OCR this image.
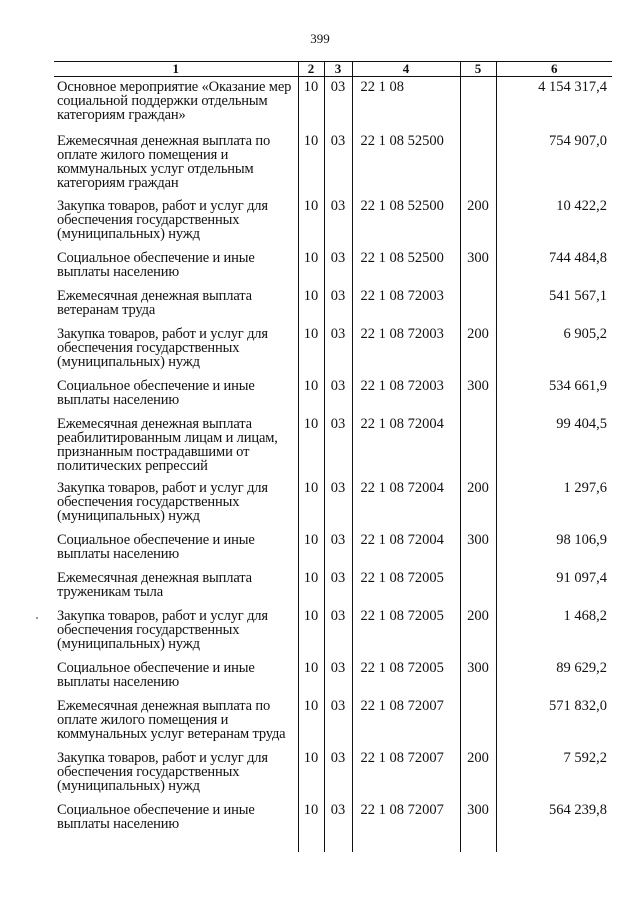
399
1	2	3	4	5	6
Основное мероприятие «Оказание мер социальной поддержки отдельным категориям граждан»	10	03	22 1 08		4 154 317,4
Ежемесячная денежная выплата по оплате жилого помещения и коммунальных услуг отдельным категориям граждан	10	03	22 1 08 52500		754 907,0
Закупка товаров, работ и услуг для обеспечения государственных (муниципальных) нужд	10	03	22 1 08 52500	200	10 422,2
Социальное обеспечение и иные выплаты населению	10	03	22 1 08 52500	300	744 484,8
Ежемесячная денежная выплата ветеранам труда	10	03	22 1 08 72003		541 567,1
Закупка товаров, работ и услуг для обеспечения государственных (муниципальных) нужд	10	03	22 1 08 72003	200	6 905,2
Социальное обеспечение и иные выплаты населению	10	03	22 1 08 72003	300	534 661,9
Ежемесячная денежная выплата реабилитированным лицам и лицам, признанным пострадавшими от политических репрессий	10	03	22 1 08 72004		99 404,5
Закупка товаров, работ и услуг для обеспечения государственных (муниципальных) нужд	10	03	22 1 08 72004	200	1 297,6
Социальное обеспечение и иные выплаты населению	10	03	22 1 08 72004	300	98 106,9
Ежемесячная денежная выплата труженикам тыла	10	03	22 1 08 72005		91 097,4
Закупка товаров, работ и услуг для обеспечения государственных (муниципальных) нужд	10	03	22 1 08 72005	200	1 468,2
Социальное обеспечение и иные выплаты населению	10	03	22 1 08 72005	300	89 629,2
Ежемесячная денежная выплата по оплате жилого помещения и коммунальных услуг ветеранам труда	10	03	22 1 08 72007		571 832,0
Закупка товаров, работ и услуг для обеспечения государственных (муниципальных) нужд	10	03	22 1 08 72007	200	7 592,2
Социальное обеспечение и иные выплаты населению	10	03	22 1 08 72007	300	564 239,8
